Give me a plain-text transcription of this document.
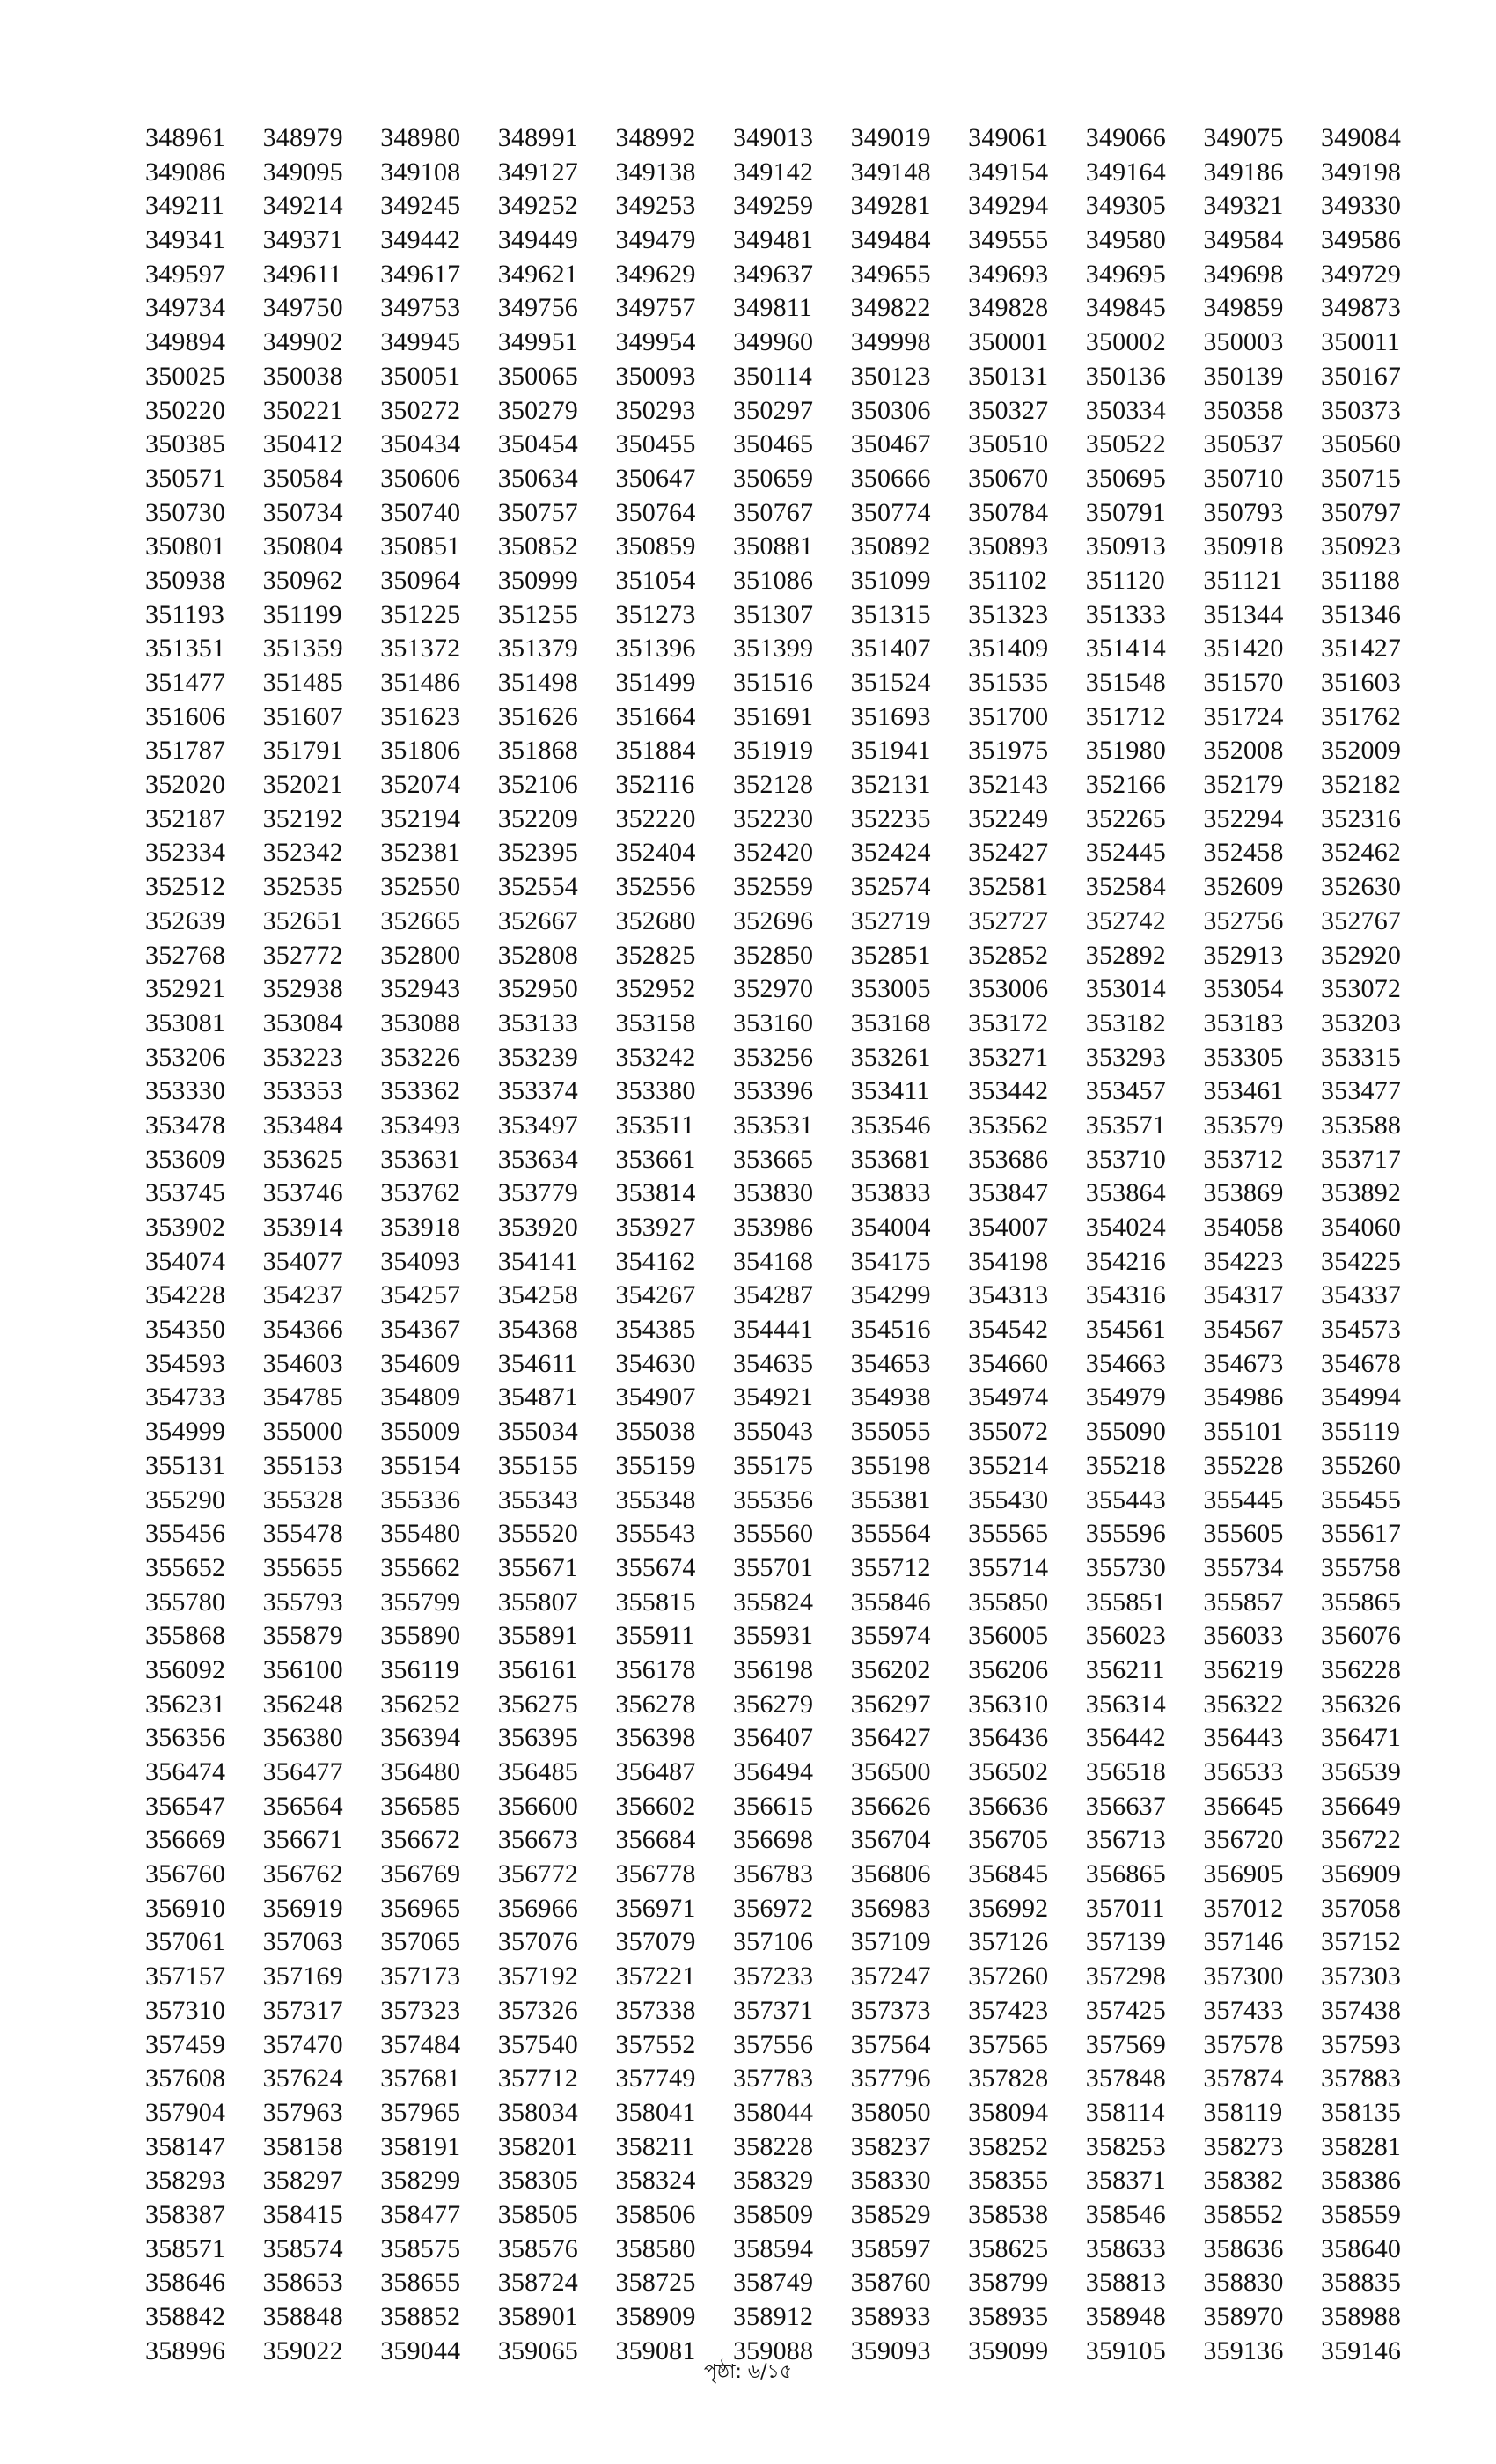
348961	348979	348980	348991	348992	349013	349019	349061	349066	349075	349084
349086	349095	349108	349127	349138	349142	349148	349154	349164	349186	349198
349211	349214	349245	349252	349253	349259	349281	349294	349305	349321	349330
349341	349371	349442	349449	349479	349481	349484	349555	349580	349584	349586
349597	349611	349617	349621	349629	349637	349655	349693	349695	349698	349729
349734	349750	349753	349756	349757	349811	349822	349828	349845	349859	349873
349894	349902	349945	349951	349954	349960	349998	350001	350002	350003	350011
350025	350038	350051	350065	350093	350114	350123	350131	350136	350139	350167
350220	350221	350272	350279	350293	350297	350306	350327	350334	350358	350373
350385	350412	350434	350454	350455	350465	350467	350510	350522	350537	350560
350571	350584	350606	350634	350647	350659	350666	350670	350695	350710	350715
350730	350734	350740	350757	350764	350767	350774	350784	350791	350793	350797
350801	350804	350851	350852	350859	350881	350892	350893	350913	350918	350923
350938	350962	350964	350999	351054	351086	351099	351102	351120	351121	351188
351193	351199	351225	351255	351273	351307	351315	351323	351333	351344	351346
351351	351359	351372	351379	351396	351399	351407	351409	351414	351420	351427
351477	351485	351486	351498	351499	351516	351524	351535	351548	351570	351603
351606	351607	351623	351626	351664	351691	351693	351700	351712	351724	351762
351787	351791	351806	351868	351884	351919	351941	351975	351980	352008	352009
352020	352021	352074	352106	352116	352128	352131	352143	352166	352179	352182
352187	352192	352194	352209	352220	352230	352235	352249	352265	352294	352316
352334	352342	352381	352395	352404	352420	352424	352427	352445	352458	352462
352512	352535	352550	352554	352556	352559	352574	352581	352584	352609	352630
352639	352651	352665	352667	352680	352696	352719	352727	352742	352756	352767
352768	352772	352800	352808	352825	352850	352851	352852	352892	352913	352920
352921	352938	352943	352950	352952	352970	353005	353006	353014	353054	353072
353081	353084	353088	353133	353158	353160	353168	353172	353182	353183	353203
353206	353223	353226	353239	353242	353256	353261	353271	353293	353305	353315
353330	353353	353362	353374	353380	353396	353411	353442	353457	353461	353477
353478	353484	353493	353497	353511	353531	353546	353562	353571	353579	353588
353609	353625	353631	353634	353661	353665	353681	353686	353710	353712	353717
353745	353746	353762	353779	353814	353830	353833	353847	353864	353869	353892
353902	353914	353918	353920	353927	353986	354004	354007	354024	354058	354060
354074	354077	354093	354141	354162	354168	354175	354198	354216	354223	354225
354228	354237	354257	354258	354267	354287	354299	354313	354316	354317	354337
354350	354366	354367	354368	354385	354441	354516	354542	354561	354567	354573
354593	354603	354609	354611	354630	354635	354653	354660	354663	354673	354678
354733	354785	354809	354871	354907	354921	354938	354974	354979	354986	354994
354999	355000	355009	355034	355038	355043	355055	355072	355090	355101	355119
355131	355153	355154	355155	355159	355175	355198	355214	355218	355228	355260
355290	355328	355336	355343	355348	355356	355381	355430	355443	355445	355455
355456	355478	355480	355520	355543	355560	355564	355565	355596	355605	355617
355652	355655	355662	355671	355674	355701	355712	355714	355730	355734	355758
355780	355793	355799	355807	355815	355824	355846	355850	355851	355857	355865
355868	355879	355890	355891	355911	355931	355974	356005	356023	356033	356076
356092	356100	356119	356161	356178	356198	356202	356206	356211	356219	356228
356231	356248	356252	356275	356278	356279	356297	356310	356314	356322	356326
356356	356380	356394	356395	356398	356407	356427	356436	356442	356443	356471
356474	356477	356480	356485	356487	356494	356500	356502	356518	356533	356539
356547	356564	356585	356600	356602	356615	356626	356636	356637	356645	356649
356669	356671	356672	356673	356684	356698	356704	356705	356713	356720	356722
356760	356762	356769	356772	356778	356783	356806	356845	356865	356905	356909
356910	356919	356965	356966	356971	356972	356983	356992	357011	357012	357058
357061	357063	357065	357076	357079	357106	357109	357126	357139	357146	357152
357157	357169	357173	357192	357221	357233	357247	357260	357298	357300	357303
357310	357317	357323	357326	357338	357371	357373	357423	357425	357433	357438
357459	357470	357484	357540	357552	357556	357564	357565	357569	357578	357593
357608	357624	357681	357712	357749	357783	357796	357828	357848	357874	357883
357904	357963	357965	358034	358041	358044	358050	358094	358114	358119	358135
358147	358158	358191	358201	358211	358228	358237	358252	358253	358273	358281
358293	358297	358299	358305	358324	358329	358330	358355	358371	358382	358386
358387	358415	358477	358505	358506	358509	358529	358538	358546	358552	358559
358571	358574	358575	358576	358580	358594	358597	358625	358633	358636	358640
358646	358653	358655	358724	358725	358749	358760	358799	358813	358830	358835
358842	358848	358852	358901	358909	358912	358933	358935	358948	358970	358988
358996	359022	359044	359065	359081	359088	359093	359099	359105	359136	359146
পৃষ্ঠা: ৬/১৫
